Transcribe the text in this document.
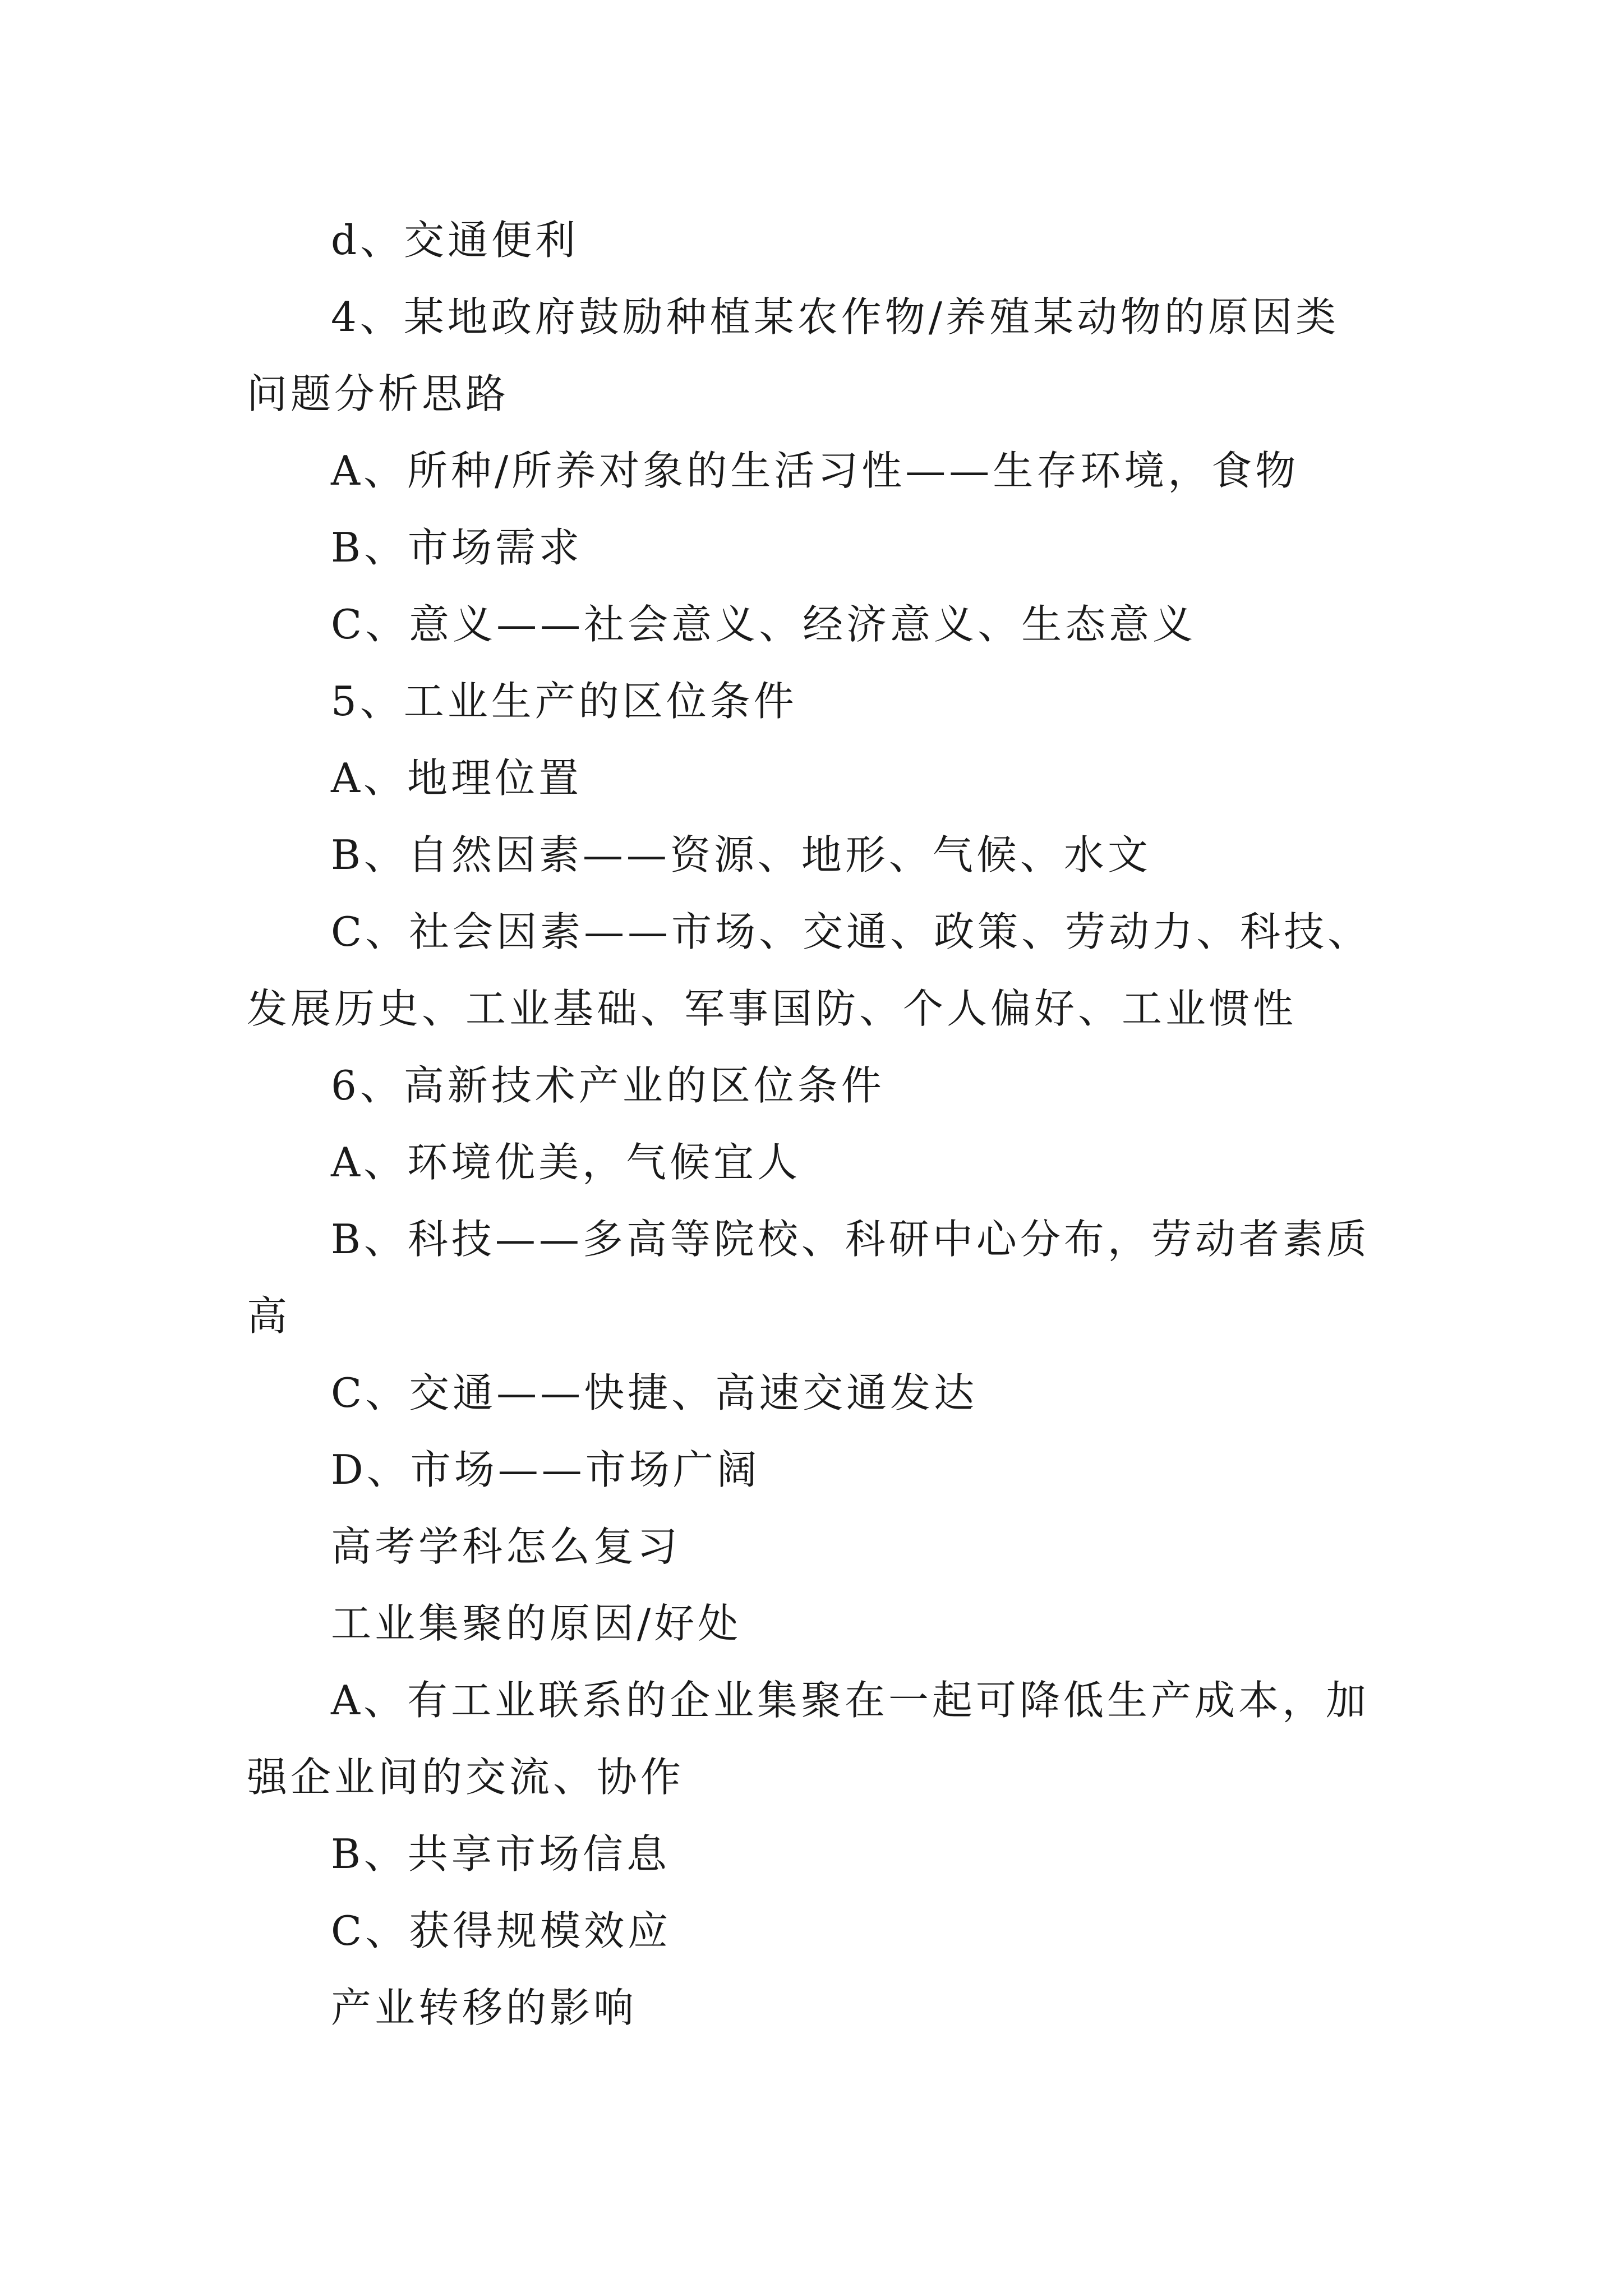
d、交通便利

4、某地政府鼓励种植某农作物/养殖某动物的原因类问题分析思路

A、所种/所养对象的生活习性——生存环境，食物

B、市场需求

C、意义——社会意义、经济意义、生态意义

5、工业生产的区位条件

A、地理位置

B、自然因素——资源、地形、气候、水文

C、社会因素——市场、交通、政策、劳动力、科技、发展历史、工业基础、军事国防、个人偏好、工业惯性

6、高新技术产业的区位条件

A、环境优美，气候宜人

B、科技——多高等院校、科研中心分布，劳动者素质高

C、交通——快捷、高速交通发达

D、市场——市场广阔

高考学科怎么复习

工业集聚的原因/好处

A、有工业联系的企业集聚在一起可降低生产成本，加强企业间的交流、协作

B、共享市场信息

C、获得规模效应

产业转移的影响
